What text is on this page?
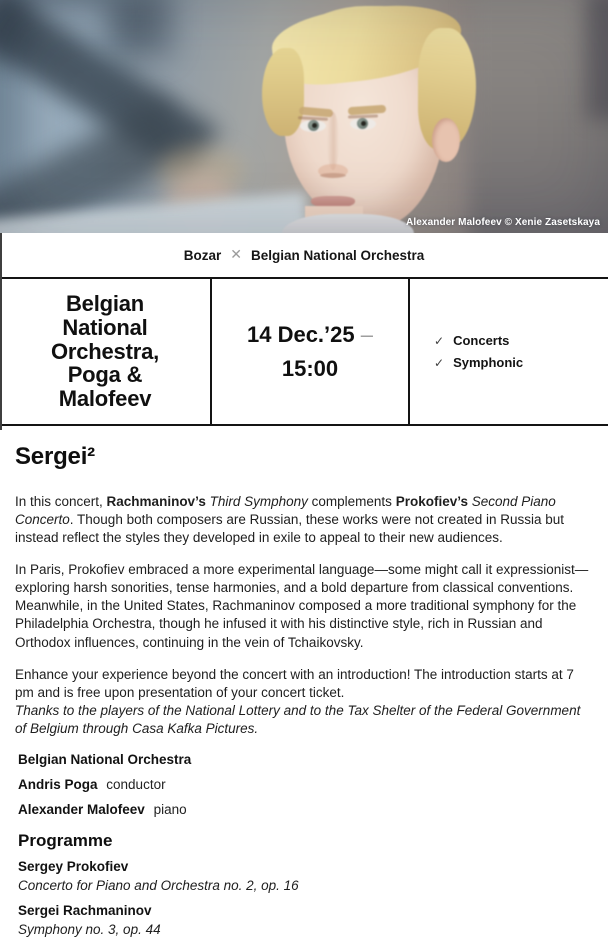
Alexander Malofeev © Xenie Zasetskaya
Bozar ✕ Belgian National Orchestra
Belgian National Orchestra, Poga & Malofeev
14 Dec.’25 –
15:00
✓ Concerts
✓ Symphonic
Sergei²

In this concert, Rachmaninov’s Third Symphony complements Prokofiev’s Second Piano Concerto. Though both composers are Russian, these works were not created in Russia but instead reflect the styles they developed in exile to appeal to their new audiences.

In Paris, Prokofiev embraced a more experimental language—some might call it expressionist—exploring harsh sonorities, tense harmonies, and a bold departure from classical conventions. Meanwhile, in the United States, Rachmaninov composed a more traditional symphony for the Philadelphia Orchestra, though he infused it with his distinctive style, rich in Russian and Orthodox influences, continuing in the vein of Tchaikovsky.

Enhance your experience beyond the concert with an introduction! The introduction starts at 7 pm and is free upon presentation of your concert ticket.
Thanks to the players of the National Lottery and to the Tax Shelter of the Federal Government of Belgium through Casa Kafka Pictures.

Belgian National Orchestra
Andris Poga conductor
Alexander Malofeev piano
Programme
Sergey Prokofiev
Concerto for Piano and Orchestra no. 2, op. 16
Sergei Rachmaninov
Symphony no. 3, op. 44
